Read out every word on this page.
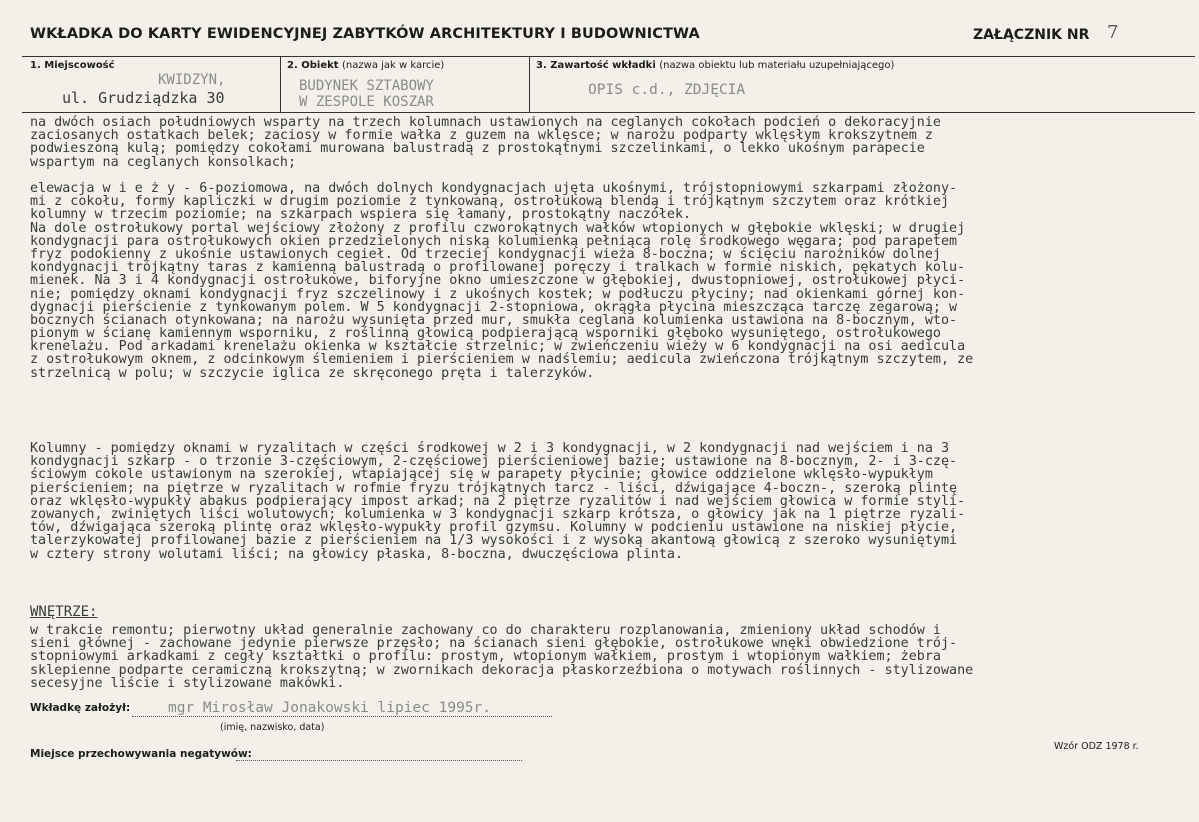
WKŁADKA DO KARTY EWIDENCYJNEJ ZABYTKÓW ARCHITEKTURY I BUDOWNICTWA	ZAŁĄCZNIK NR 7
1. Miejscowość
KWIDZYN,
ul. Grudziądzka 30
2. Obiekt (nazwa jak w karcie)
BUDYNEK SZTABOWY
W ZESPOLE KOSZAR
3. Zawartość wkładki (nazwa obiektu lub materiału uzupełniającego)
OPIS c.d., ZDJĘCIA
na dwóch osiach południowych wsparty na trzech kolumnach ustawionych na ceglanych cokołach podcień o dekoracyjnie
zaciosanych ostatkach belek; zaciosy w formie wałka z guzem na wklęsce; w narożu podparty wklęsłym krokszytnem z
podwieszoną kulą; pomiędzy cokołami murowana balustradą z prostokątnymi szczelinkami, o lekko ukośnym parapecie
wspartym na ceglanych konsolkach;
elewacja w i e ż y - 6-poziomowa, na dwóch dolnych kondygnacjach ujęta ukośnymi, trójstopniowymi szkarpami złożony-
mi z cokołu, formy kapliczki w drugim poziomie z tynkowaną, ostrołukową blendą i trójkątnym szczytem oraz krótkiej
kolumny w trzecim poziomie; na szkarpach wspiera się łamany, prostokątny naczółek.
Na dole ostrołukowy portal wejściowy złożony z profilu czworokątnych wałków wtopionych w głębokie wklęski; w drugiej
kondygnacji para ostrołukowych okien przedzielonych niską kolumienką pełniącą rolę środkowego węgara; pod parapetem
fryz podokienny z ukośnie ustawionych cegieł. Od trzeciej kondygnacji wieża 8-boczna; w ścięciu narożników dolnej
kondygnacji trójkątny taras z kamienną balustradą o profilowanej poręczy i tralkach w formie niskich, pękatych kolu-
mienek. Na 3 i 4 kondygnacji ostrołukowe, biforyjne okno umieszczone w głębokiej, dwustopniowej, ostrołukowej płyci-
nie; pomiędzy oknami kondygnacji fryz szczelinowy i z ukośnych kostek; w podłuczu płyciny; nad okienkami górnej kon-
dygnacji pierścienie z tynkowanym polem. W 5 kondygnacji 2-stopniowa, okrągła płycina mieszcząca tarczę zegarową; w
bocznych ścianach otynkowana; na narożu wysunięta przed mur, smukła ceglana kolumienka ustawiona na 8-bocznym, wto-
pionym w ścianę kamiennym wsporniku, z roślinną głowicą podpierającą wsporniki głęboko wysuniętego, ostrołukowego
krenelażu. Pod arkadami krenelażu okienka w kształcie strzelnic; w zwieńczeniu wieży w 6 kondygnacji na osi aedicula
z ostrołukowym oknem, z odcinkowym ślemieniem i pierścieniem w nadślemiu; aedicula zwieńczona trójkątnym szczytem, ze
strzelnicą w polu; w szczycie iglica ze skręconego pręta i talerzyków.
Kolumny - pomiędzy oknami w ryzalitach w części środkowej w 2 i 3 kondygnacji, w 2 kondygnacji nad wejściem i na 3
kondygnacji szkarp - o trzonie 3-częściowym, 2-częściowej pierścieniowej bazie; ustawione na 8-bocznym, 2- i 3-czę-
ściowym cokole ustawionym na szerokiej, wtapiającej się w parapety płycinie; głowice oddzielone wklęsło-wypukłym
pierścieniem; na piętrze w ryzalitach w rofmie fryzu trójkątnych tarcz - liści, dźwigające 4-boczn-, szeroką plintę
oraz wklęsło-wypukły abakus podpierający impost arkad; na 2 piętrze ryzalitów i nad wejściem głowica w formie styli-
zowanych, zwiniętych liści wolutowych; kolumienka w 3 kondygnacji szkarp krótsza, o głowicy jak na 1 piętrze ryzali-
tów, dźwigająca szeroką plintę oraz wklęsło-wypukły profil gzymsu. Kolumny w podcieniu ustawione na niskiej płycie,
talerzykowatej profilowanej bazie z pierścieniem na 1/3 wysokości i z wysoką akantową głowicą z szeroko wysuniętymi
w cztery strony wolutami liści; na głowicy płaska, 8-boczna, dwuczęściowa plinta.
WNĘTRZE:
w trakcie remontu; pierwotny układ generalnie zachowany co do charakteru rozplanowania, zmieniony układ schodów i
sieni głównej - zachowane jedynie pierwsze przęsło; na ścianach sieni głębokie, ostrołukowe wnęki obwiedzione trój-
stopniowymi arkadkami z cegły kształtki o profilu: prostym, wtopionym wałkiem, prostym i wtopionym wałkiem; żebra
sklepienne podparte ceramiczną krokszytną; w zwornikach dekoracja płaskorzeźbiona o motywach roślinnych - stylizowane
secesyjne liście i stylizowane makówki.
Wkładkę założył:	mgr Mirosław Jonakowski lipiec 1995r.
(imię, nazwisko, data)
Miejsce przechowywania negatywów:
Wzór ODZ 1978 r.
